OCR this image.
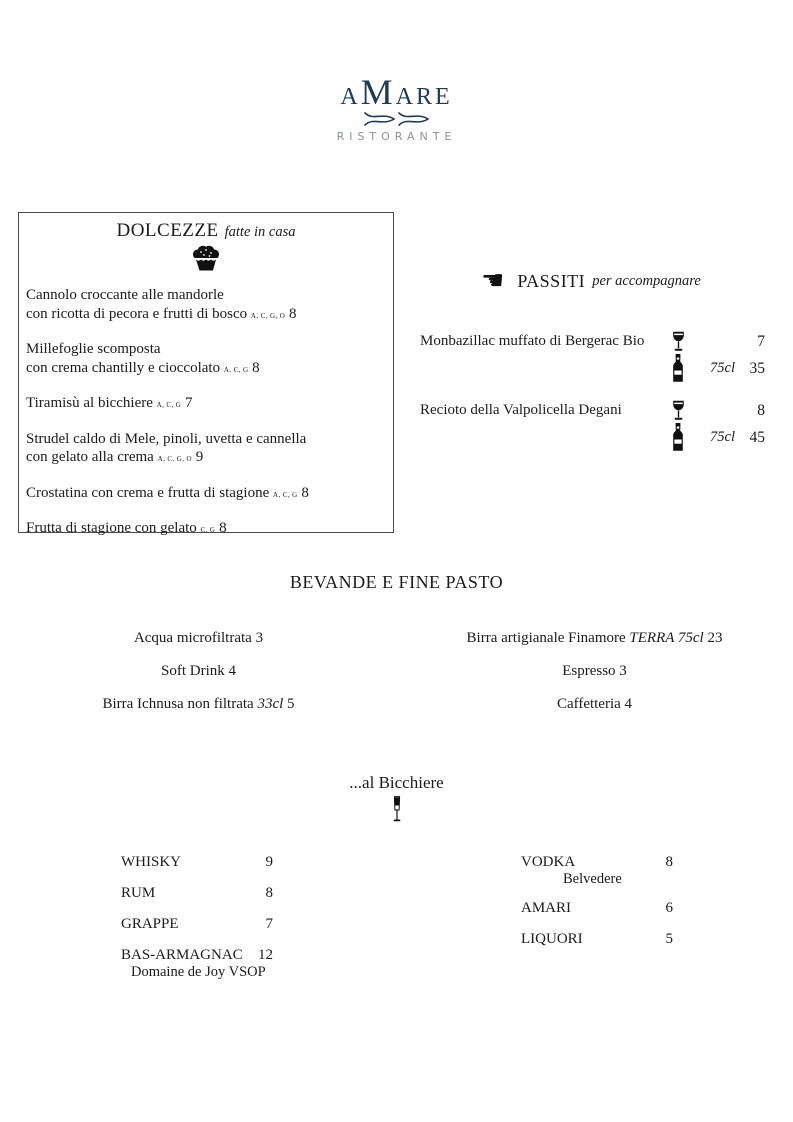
AMARE
RISTORANTE
DOLCEZZE fatte in casa
Cannolo croccante alle mandorle
con ricotta di pecora e frutti di bosco A, C, G, O 8
Millefoglie scomposta
con crema chantilly e cioccolato A, C, G 8
Tiramisù al bicchiere A, C, G 7
Strudel caldo di Mele, pinoli, uvetta e cannella
con gelato alla crema A, C, G, O 9
Crostatina con crema e frutta di stagione A, C, G 8
Frutta di stagione con gelato C, G 8
☚ PASSITI per accompagnare
Monbazillac muffato di Bergerac Bio	7
75cl 35
Recioto della Valpolicella Degani	8
75cl 45
BEVANDE E FINE PASTO
Acqua microfiltrata 3
Soft Drink 4
Birra Ichnusa non filtrata 33cl 5
Birra artigianale Finamore TERRA 75cl 23
Espresso 3
Caffetteria 4
...al Bicchiere
WHISKY	9
RUM	8
GRAPPE	7
BAS-ARMAGNAC 12
Domaine de Joy VSOP
VODKA	8
Belvedere
AMARI	6
LIQUORI	5
